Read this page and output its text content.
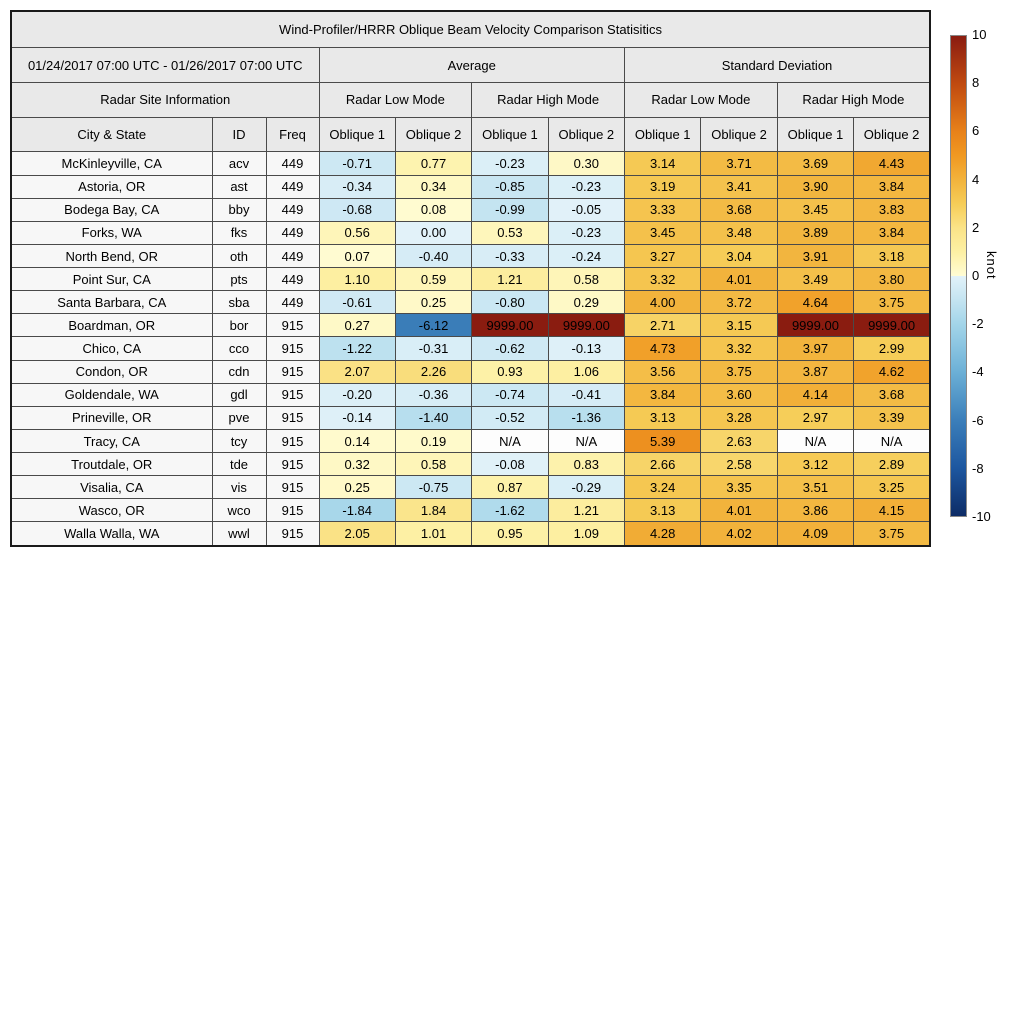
Wind-Profiler/HRRR Oblique Beam Velocity Comparison Statisitics										
01/24/2017 07:00 UTC - 01/26/2017 07:00 UTC			Average				Standard Deviation			
Radar Site Information			Radar Low Mode		Radar High Mode		Radar Low Mode		Radar High Mode	
City & State	ID	Freq	Oblique 1	Oblique 2	Oblique 1	Oblique 2	Oblique 1	Oblique 2	Oblique 1	Oblique 2
McKinleyville, CA	acv	449	-0.71	0.77	-0.23	0.30	3.14	3.71	3.69	4.43
Astoria, OR	ast	449	-0.34	0.34	-0.85	-0.23	3.19	3.41	3.90	3.84
Bodega Bay, CA	bby	449	-0.68	0.08	-0.99	-0.05	3.33	3.68	3.45	3.83
Forks, WA	fks	449	0.56	0.00	0.53	-0.23	3.45	3.48	3.89	3.84
North Bend, OR	oth	449	0.07	-0.40	-0.33	-0.24	3.27	3.04	3.91	3.18
Point Sur, CA	pts	449	1.10	0.59	1.21	0.58	3.32	4.01	3.49	3.80
Santa Barbara, CA	sba	449	-0.61	0.25	-0.80	0.29	4.00	3.72	4.64	3.75
Boardman, OR	bor	915	0.27	-6.12	9999.00	9999.00	2.71	3.15	9999.00	9999.00
Chico, CA	cco	915	-1.22	-0.31	-0.62	-0.13	4.73	3.32	3.97	2.99
Condon, OR	cdn	915	2.07	2.26	0.93	1.06	3.56	3.75	3.87	4.62
Goldendale, WA	gdl	915	-0.20	-0.36	-0.74	-0.41	3.84	3.60	4.14	3.68
Prineville, OR	pve	915	-0.14	-1.40	-0.52	-1.36	3.13	3.28	2.97	3.39
Tracy, CA	tcy	915	0.14	0.19	N/A	N/A	5.39	2.63	N/A	N/A
Troutdale, OR	tde	915	0.32	0.58	-0.08	0.83	2.66	2.58	3.12	2.89
Visalia, CA	vis	915	0.25	-0.75	0.87	-0.29	3.24	3.35	3.51	3.25
Wasco, OR	wco	915	-1.84	1.84	-1.62	1.21	3.13	4.01	3.86	4.15
Walla Walla, WA	wwl	915	2.05	1.01	0.95	1.09	4.28	4.02	4.09	3.75
10
8
6
4
2
0
-2
-4
-6
-8
-10
knot
